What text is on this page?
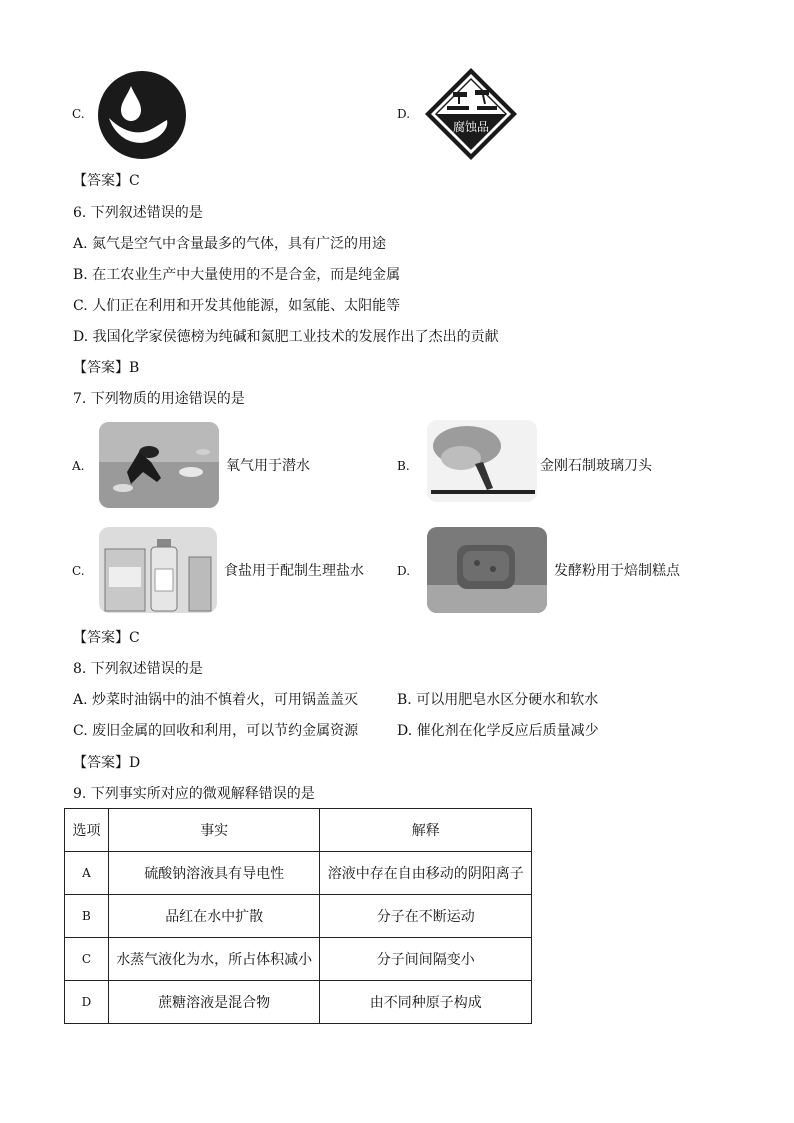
C.	D.
腐蚀品
【答案】C
6. 下列叙述错误的是
A. 氮气是空气中含量最多的气体，具有广泛的用途
B. 在工农业生产中大量使用的不是合金，而是纯金属
C. 人们正在利用和开发其他能源，如氢能、太阳能等
D. 我国化学家侯德榜为纯碱和氮肥工业技术的发展作出了杰出的贡献
【答案】B
7. 下列物质的用途错误的是
A.	氧气用于潜水	B.	金刚石制玻璃刀头
C.	食盐用于配制生理盐水	D.	发酵粉用于焙制糕点
【答案】C
8. 下列叙述错误的是
A. 炒菜时油锅中的油不慎着火，可用锅盖盖灭	B. 可以用肥皂水区分硬水和软水
C. 废旧金属的回收和利用，可以节约金属资源	D. 催化剂在化学反应后质量减少
【答案】D
9. 下列事实所对应的微观解释错误的是
选项	事实	解释
A	硫酸钠溶液具有导电性	溶液中存在自由移动的阴阳离子
B	品红在水中扩散	分子在不断运动
C	水蒸气液化为水，所占体积减小	分子间间隔变小
D	蔗糖溶液是混合物	由不同种原子构成
